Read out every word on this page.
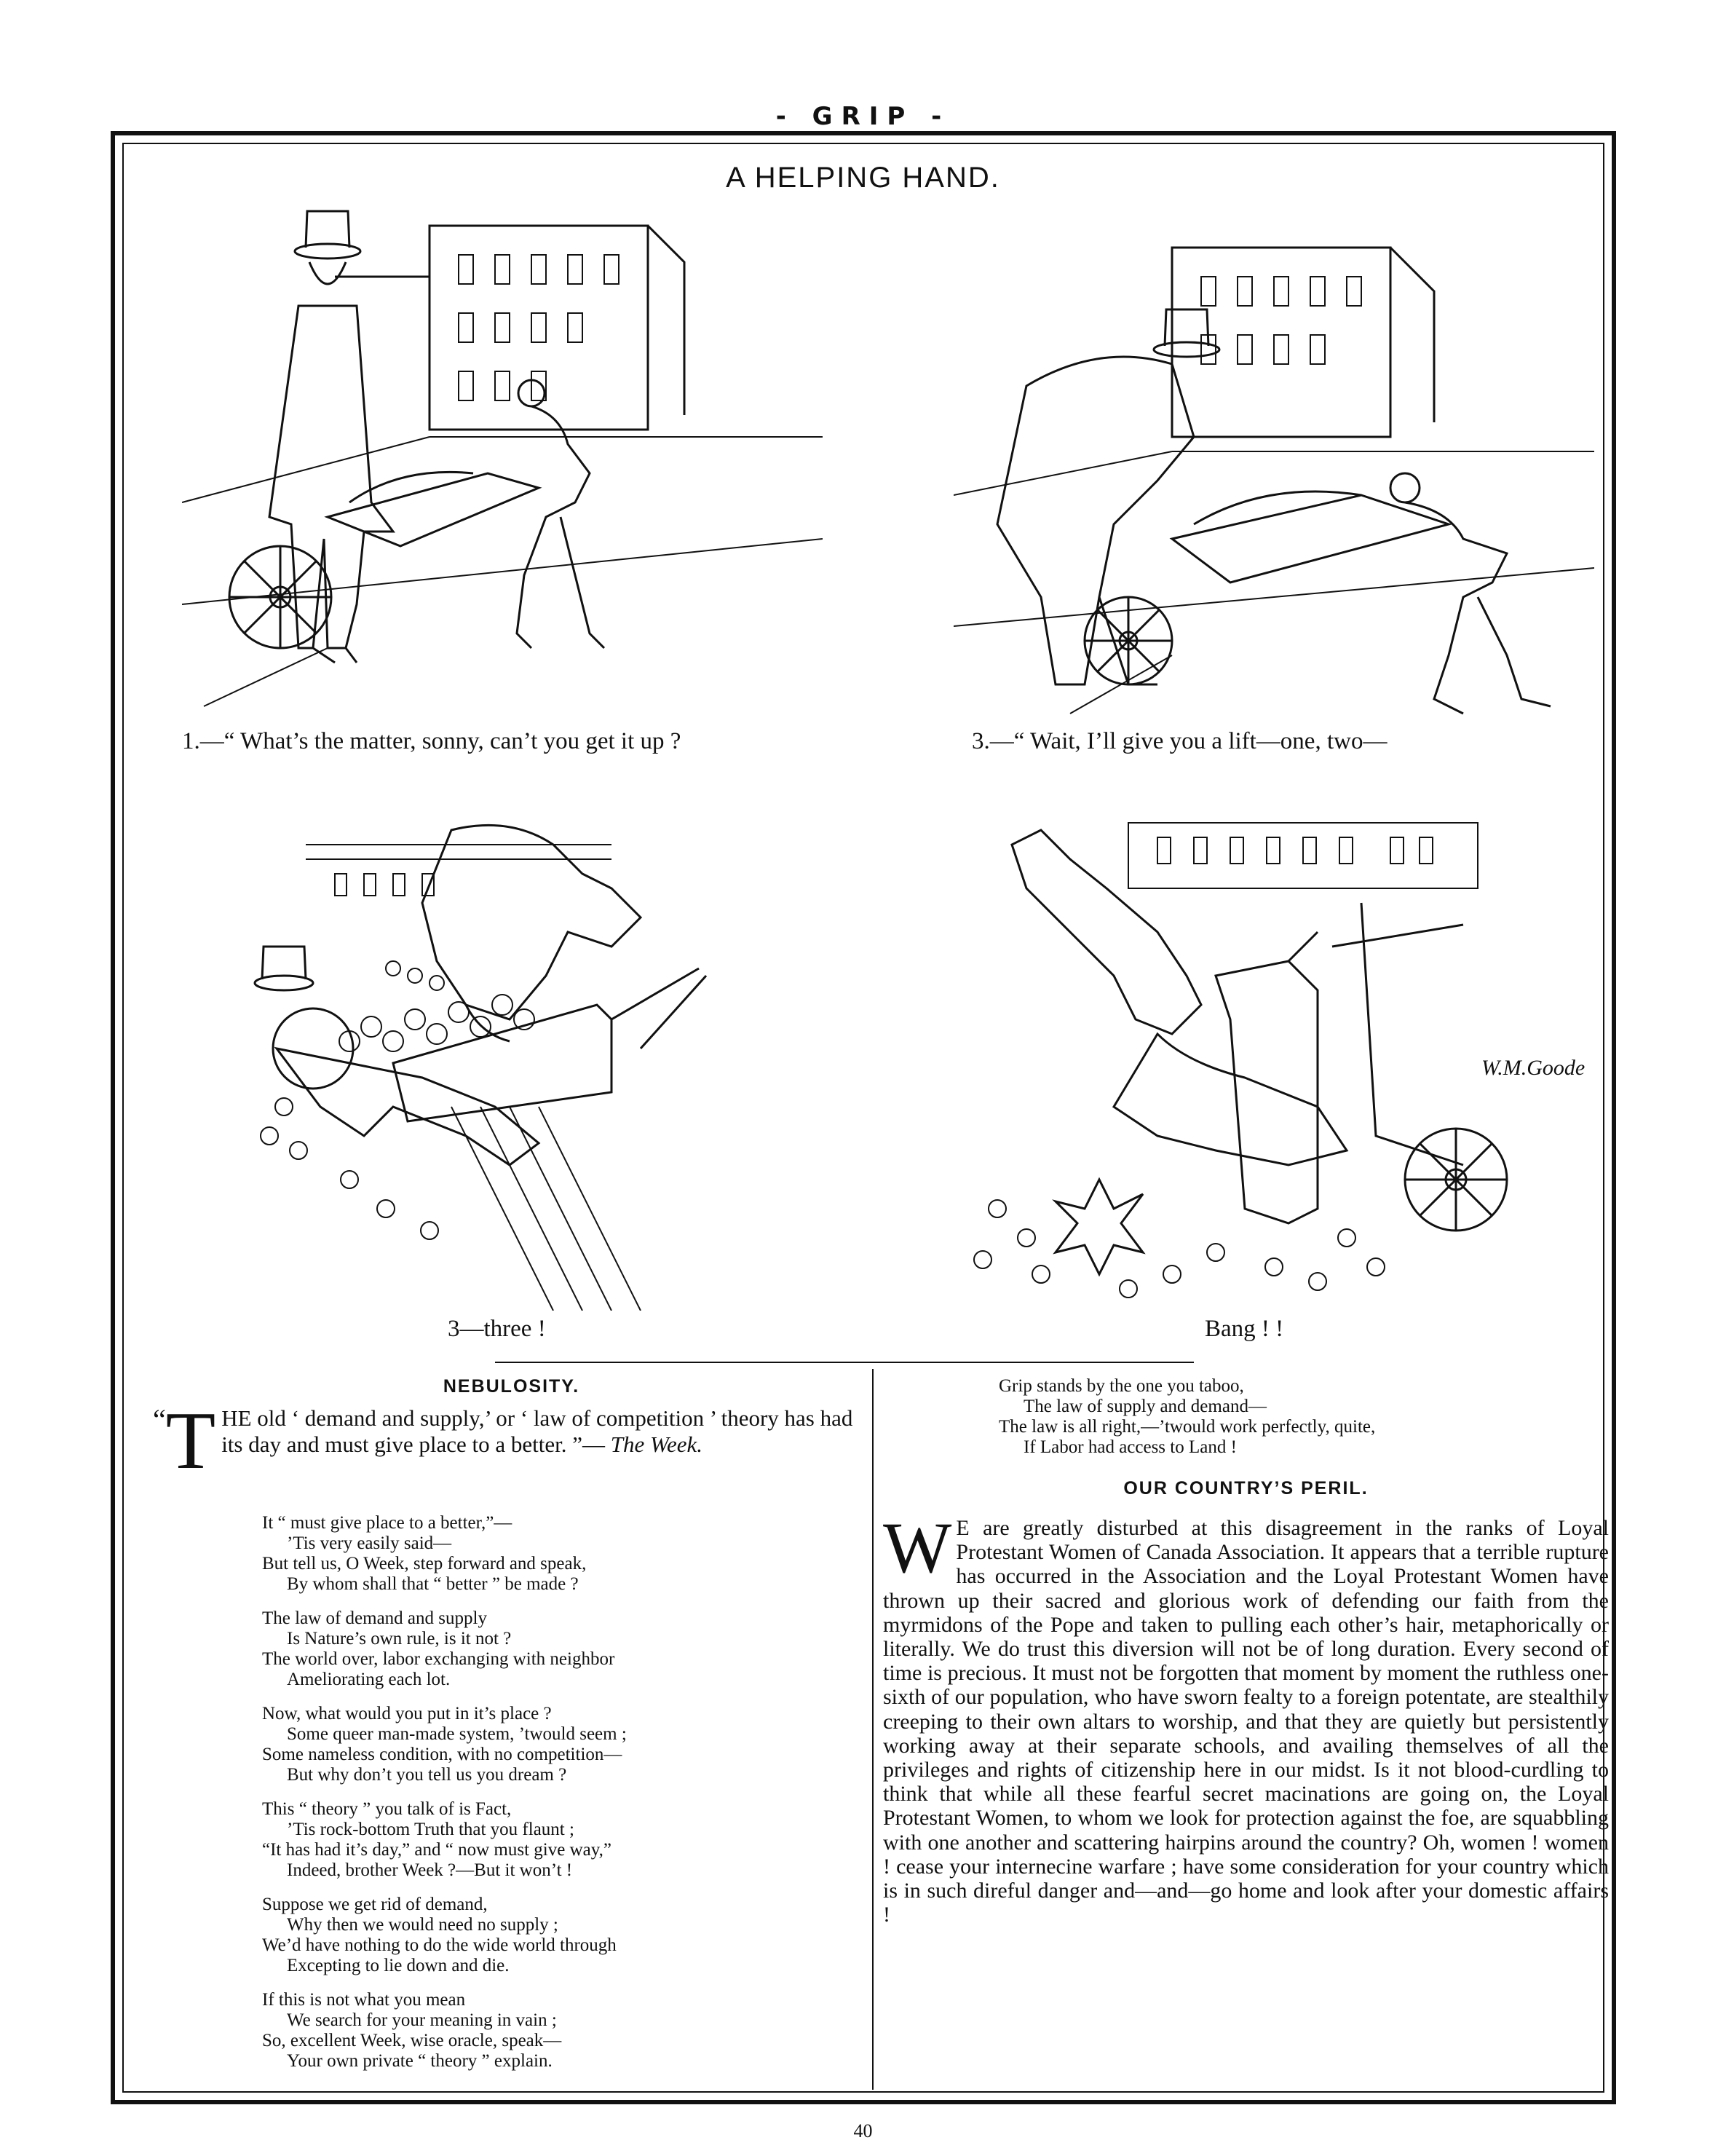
- GRIP -
A HELPING HAND.
1.—“ What’s the matter, sonny, can’t you get it up ?	3.—“ Wait, I’ll give you a lift—one, two—
3—three !
W.M.Goode
Bang ! !
NEBULOSITY.
“ T HE old ‘ demand and supply,’ or ‘ law of competition ’ theory has had its day and must give place to a better. ”— The Week.
It “ must give place to a better,”—
’Tis very easily said—
But tell us, O Week, step forward and speak,
By whom shall that “ better ” be made ?
The law of demand and supply
Is Nature’s own rule, is it not ?
The world over, labor exchanging with neighbor
Ameliorating each lot.
Now, what would you put in it’s place ?
Some queer man-made system, ’twould seem ;
Some nameless condition, with no competition—
But why don’t you tell us you dream ?
This “ theory ” you talk of is Fact,
’Tis rock-bottom Truth that you flaunt ;
“It has had it’s day,” and “ now must give way,”
Indeed, brother Week ?—But it won’t !
Suppose we get rid of demand,
Why then we would need no supply ;
We’d have nothing to do the wide world through
Excepting to lie down and die.
If this is not what you mean
We search for your meaning in vain ;
So, excellent Week, wise oracle, speak—
Your own private “ theory ” explain.
Grip stands by the one you taboo,
The law of supply and demand—
The law is all right,—’twould work perfectly, quite,
If Labor had access to Land !
OUR COUNTRY’S PERIL.
W E are greatly disturbed at this disagreement in the ranks of Loyal Protestant Women of Canada Association. It appears that a terrible rupture has occurred in the Association and the Loyal Protestant Women have thrown up their sacred and glorious work of defending our faith from the myrmidons of the Pope and taken to pulling each other’s hair, metaphorically or literally. We do trust this diversion will not be of long duration. Every second of time is precious. It must not be forgotten that moment by moment the ruthless one-sixth of our population, who have sworn fealty to a foreign potentate, are stealthily creeping to their own altars to worship, and that they are quietly but persistently working away at their separate schools, and availing themselves of all the privileges and rights of citizenship here in our midst. Is it not blood-curdling to think that while all these fearful secret macinations are going on, the Loyal Protestant Women, to whom we look for protection against the foe, are squabbling with one another and scattering hairpins around the country? Oh, women ! women ! cease your internecine warfare ; have some consideration for your country which is in such direful danger and—and—go home and look after your domestic affairs !
40
